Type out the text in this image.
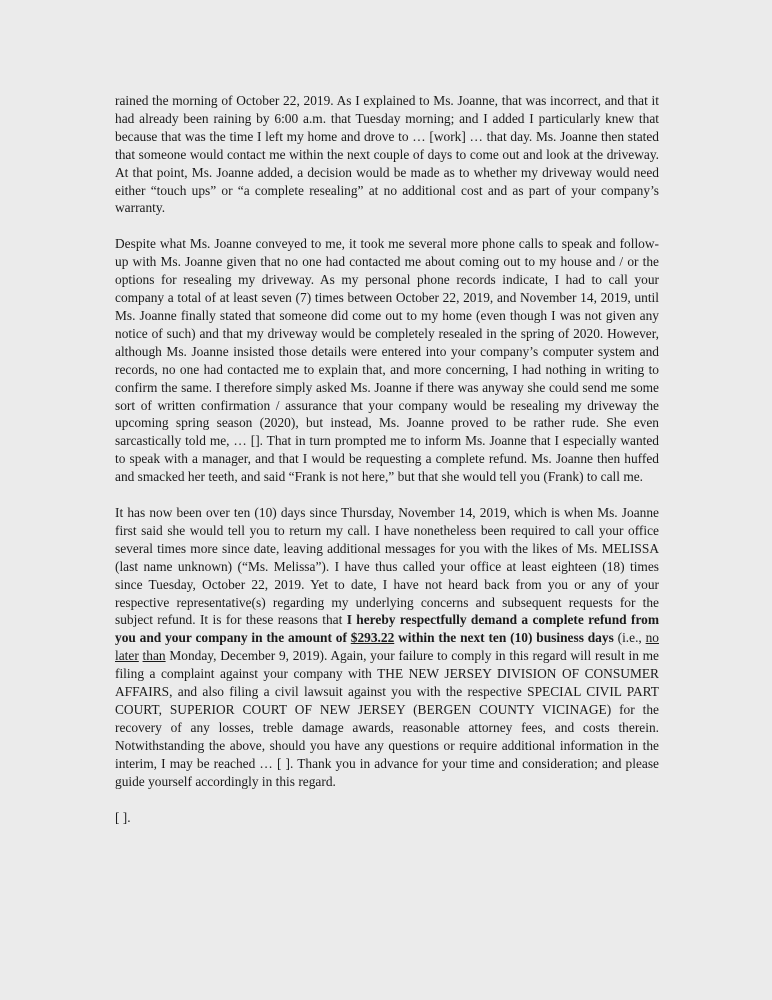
rained the morning of October 22, 2019. As I explained to Ms. Joanne, that was incorrect, and that it had already been raining by 6:00 a.m. that Tuesday morning; and I added I particularly knew that because that was the time I left my home and drove to … [work] … that day. Ms. Joanne then stated that someone would contact me within the next couple of days to come out and look at the driveway. At that point, Ms. Joanne added, a decision would be made as to whether my driveway would need either “touch ups” or “a complete resealing” at no additional cost and as part of your company’s warranty.

Despite what Ms. Joanne conveyed to me, it took me several more phone calls to speak and follow-up with Ms. Joanne given that no one had contacted me about coming out to my house and / or the options for resealing my driveway. As my personal phone records indicate, I had to call your company a total of at least seven (7) times between October 22, 2019, and November 14, 2019, until Ms. Joanne finally stated that someone did come out to my home (even though I was not given any notice of such) and that my driveway would be completely resealed in the spring of 2020. However, although Ms. Joanne insisted those details were entered into your company’s computer system and records, no one had contacted me to explain that, and more concerning, I had nothing in writing to confirm the same. I therefore simply asked Ms. Joanne if there was anyway she could send me some sort of written confirmation / assurance that your company would be resealing my driveway the upcoming spring season (2020), but instead, Ms. Joanne proved to be rather rude. She even sarcastically told me, … []. That in turn prompted me to inform Ms. Joanne that I especially wanted to speak with a manager, and that I would be requesting a complete refund. Ms. Joanne then huffed and smacked her teeth, and said “Frank is not here,” but that she would tell you (Frank) to call me.

It has now been over ten (10) days since Thursday, November 14, 2019, which is when Ms. Joanne first said she would tell you to return my call. I have nonetheless been required to call your office several times more since date, leaving additional messages for you with the likes of Ms. MELISSA (last name unknown) (“Ms. Melissa”). I have thus called your office at least eighteen (18) times since Tuesday, October 22, 2019. Yet to date, I have not heard back from you or any of your respective representative(s) regarding my underlying concerns and subsequent requests for the subject refund. It is for these reasons that I hereby respectfully demand a complete refund from you and your company in the amount of $293.22 within the next ten (10) business days (i.e., no later than Monday, December 9, 2019). Again, your failure to comply in this regard will result in me filing a complaint against your company with THE NEW JERSEY DIVISION OF CONSUMER AFFAIRS, and also filing a civil lawsuit against you with the respective SPECIAL CIVIL PART COURT, SUPERIOR COURT OF NEW JERSEY (BERGEN COUNTY VICINAGE) for the recovery of any losses, treble damage awards, reasonable attorney fees, and costs therein. Notwithstanding the above, should you have any questions or require additional information in the interim, I may be reached … [ ]. Thank you in advance for your time and consideration; and please guide yourself accordingly in this regard.

[ ].
